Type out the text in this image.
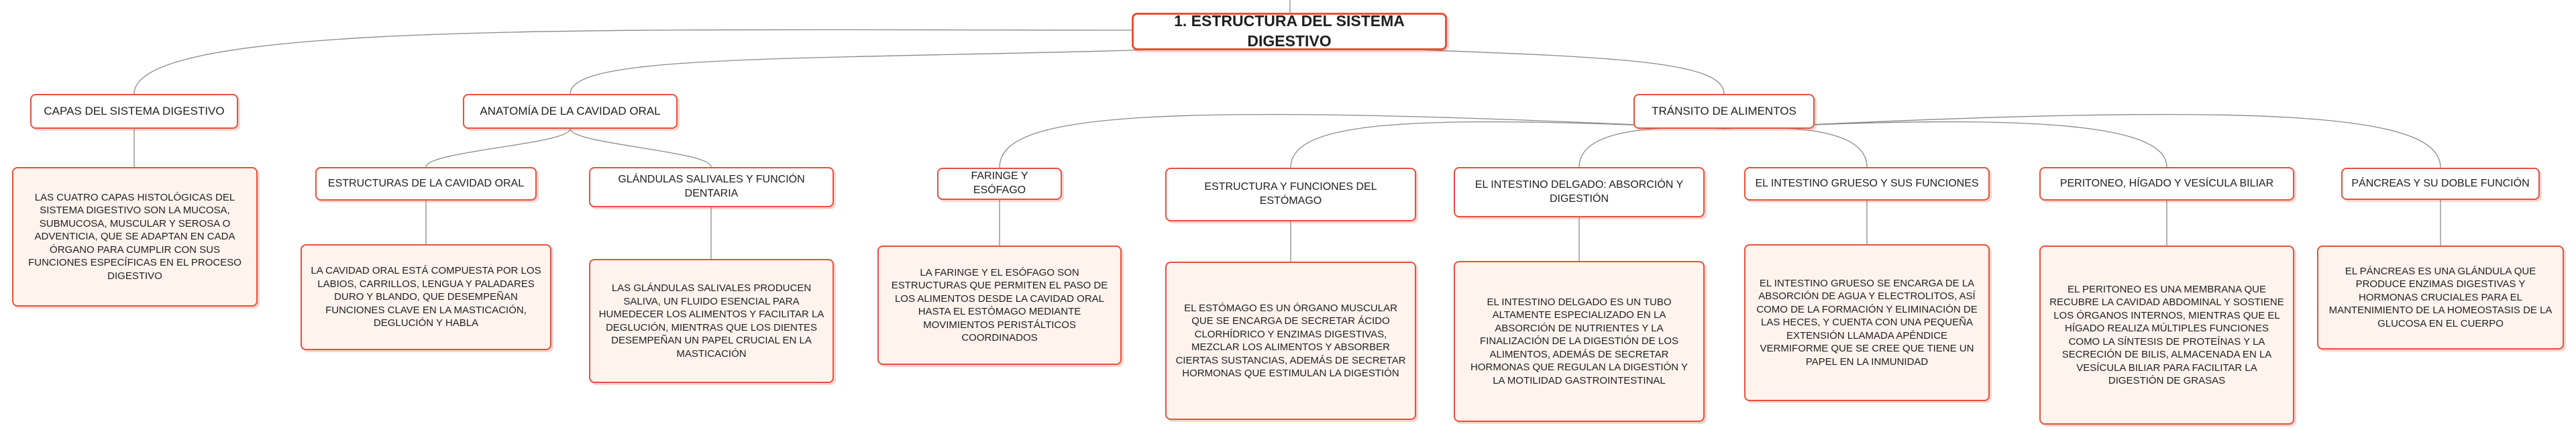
1. ESTRUCTURA DEL SISTEMA DIGESTIVO
CAPAS DEL SISTEMA DIGESTIVO
LAS CUATRO CAPAS HISTOLÓGICAS DEL SISTEMA DIGESTIVO SON LA MUCOSA, SUBMUCOSA, MUSCULAR Y SEROSA O ADVENTICIA, QUE SE ADAPTAN EN CADA ÓRGANO PARA CUMPLIR CON SUS FUNCIONES ESPECÍFICAS EN EL PROCESO DIGESTIVO
ANATOMÍA DE LA CAVIDAD ORAL
ESTRUCTURAS DE LA CAVIDAD ORAL
LA CAVIDAD ORAL ESTÁ COMPUESTA POR LOS LABIOS, CARRILLOS, LENGUA Y PALADARES DURO Y BLANDO, QUE DESEMPEÑAN FUNCIONES CLAVE EN LA MASTICACIÓN, DEGLUCIÓN Y HABLA
GLÁNDULAS SALIVALES Y FUNCIÓN DENTARIA
LAS GLÁNDULAS SALIVALES PRODUCEN SALIVA, UN FLUIDO ESENCIAL PARA HUMEDECER LOS ALIMENTOS Y FACILITAR LA DEGLUCIÓN, MIENTRAS QUE LOS DIENTES DESEMPEÑAN UN PAPEL CRUCIAL EN LA MASTICACIÓN
TRÁNSITO DE ALIMENTOS
FARINGE Y ESÓFAGO
LA FARINGE Y EL ESÓFAGO SON ESTRUCTURAS QUE PERMITEN EL PASO DE LOS ALIMENTOS DESDE LA CAVIDAD ORAL HASTA EL ESTÓMAGO MEDIANTE MOVIMIENTOS PERISTÁLTICOS COORDINADOS
ESTRUCTURA Y FUNCIONES DEL ESTÓMAGO
EL ESTÓMAGO ES UN ÓRGANO MUSCULAR QUE SE ENCARGA DE SECRETAR ÁCIDO CLORHÍDRICO Y ENZIMAS DIGESTIVAS, MEZCLAR LOS ALIMENTOS Y ABSORBER CIERTAS SUSTANCIAS, ADEMÁS DE SECRETAR HORMONAS QUE ESTIMULAN LA DIGESTIÓN
EL INTESTINO DELGADO: ABSORCIÓN Y DIGESTIÓN
EL INTESTINO DELGADO ES UN TUBO ALTAMENTE ESPECIALIZADO EN LA ABSORCIÓN DE NUTRIENTES Y LA FINALIZACIÓN DE LA DIGESTIÓN DE LOS ALIMENTOS, ADEMÁS DE SECRETAR HORMONAS QUE REGULAN LA DIGESTIÓN Y LA MOTILIDAD GASTROINTESTINAL
EL INTESTINO GRUESO Y SUS FUNCIONES
EL INTESTINO GRUESO SE ENCARGA DE LA ABSORCIÓN DE AGUA Y ELECTROLITOS, ASÍ COMO DE LA FORMACIÓN Y ELIMINACIÓN DE LAS HECES, Y CUENTA CON UNA PEQUEÑA EXTENSIÓN LLAMADA APÉNDICE VERMIFORME QUE SE CREE QUE TIENE UN PAPEL EN LA INMUNIDAD
PERITONEO, HÍGADO Y VESÍCULA BILIAR
EL PERITONEO ES UNA MEMBRANA QUE RECUBRE LA CAVIDAD ABDOMINAL Y SOSTIENE LOS ÓRGANOS INTERNOS, MIENTRAS QUE EL HÍGADO REALIZA MÚLTIPLES FUNCIONES COMO LA SÍNTESIS DE PROTEÍNAS Y LA SECRECIÓN DE BILIS, ALMACENADA EN LA VESÍCULA BILIAR PARA FACILITAR LA DIGESTIÓN DE GRASAS
PÁNCREAS Y SU DOBLE FUNCIÓN
EL PÁNCREAS ES UNA GLÁNDULA QUE PRODUCE ENZIMAS DIGESTIVAS Y HORMONAS CRUCIALES PARA EL MANTENIMIENTO DE LA HOMEOSTASIS DE LA GLUCOSA EN EL CUERPO
